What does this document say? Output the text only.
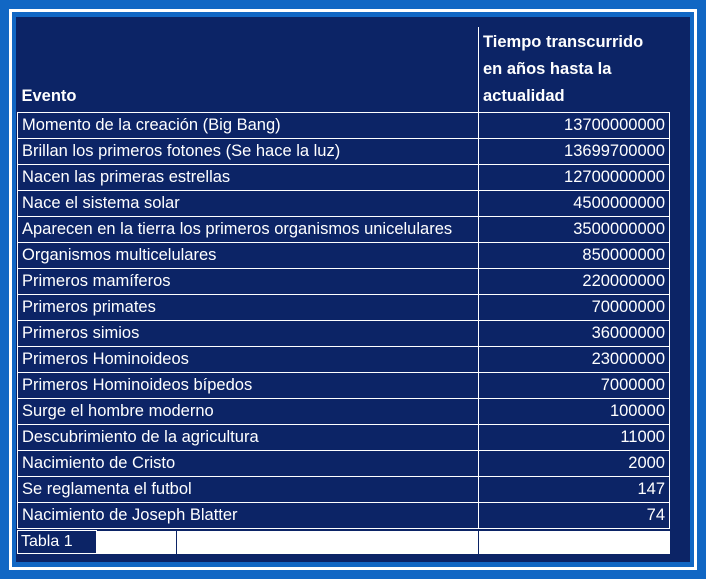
Evento	Tiempo transcurrido
en años hasta la
actualidad

Momento de la creación (Big Bang)	13700000000
Brillan los primeros fotones (Se hace la luz)	13699700000
Nacen las primeras estrellas	12700000000
Nace el sistema solar	4500000000
Aparecen en la tierra los primeros organismos unicelulares	3500000000
Organismos multicelulares	850000000
Primeros mamíferos	220000000
Primeros primates	70000000
Primeros simios	36000000
Primeros Hominoideos	23000000
Primeros Hominoideos bípedos	7000000
Surge el hombre moderno	100000
Descubrimiento de la agricultura	11000
Nacimiento de Cristo	2000
Se reglamenta el futbol	147
Nacimiento de Joseph Blatter	74
Tabla 1
